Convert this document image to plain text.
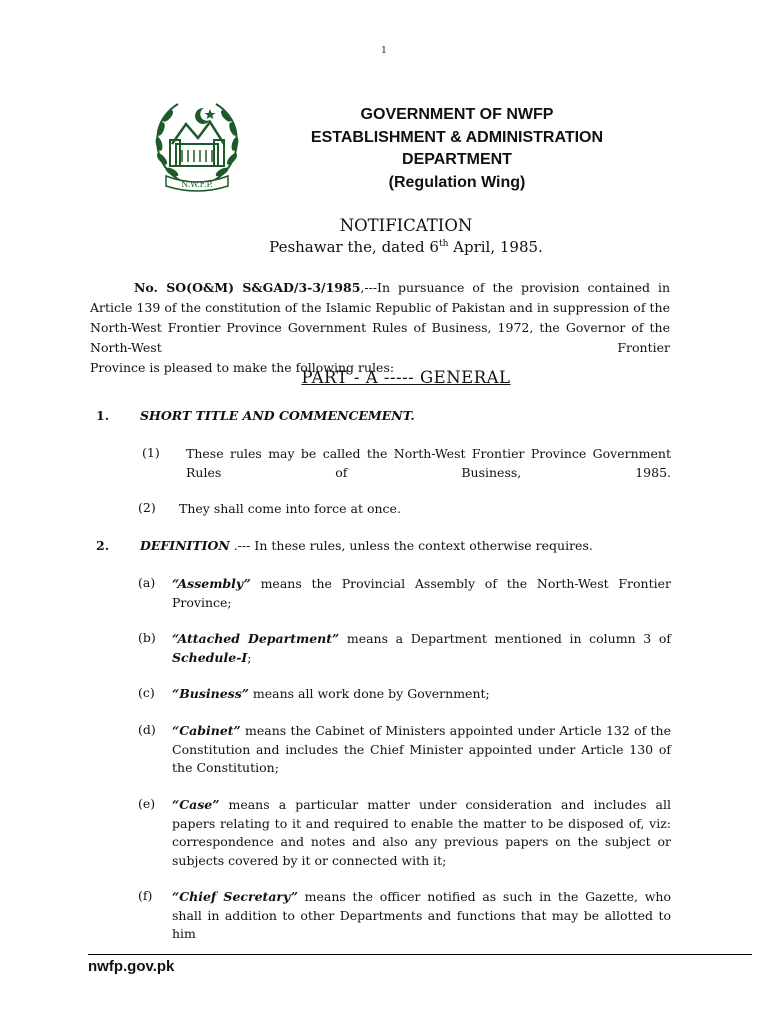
1
N.W.F.P.
GOVERNMENT OF NWFP
ESTABLISHMENT & ADMINISTRATION
DEPARTMENT
(Regulation Wing)
NOTIFICATION
Peshawar the, dated 6th April, 1985.
No. SO(O&M) S&GAD/3-3/1985,---In pursuance of the provision contained in Article 139 of the constitution of the Islamic Republic of Pakistan and in suppression of the North-West Frontier Province Government Rules of Business, 1972, the Governor of the North-West Frontier
Province is pleased to make the following rules:
PART - A ----- GENERAL
1. SHORT TITLE AND COMMENCEMENT.
(1) These rules may be called the North-West Frontier Province Government Rules of Business, 1985.
(2) They shall come into force at once.
2. DEFINITION .--- In these rules, unless the context otherwise requires.
(a) “Assembly” means the Provincial Assembly of the North-West Frontier Province;
(b) “Attached Department” means a Department mentioned in column 3 of Schedule-I;
(c) “Business” means all work done by Government;
(d) “Cabinet” means the Cabinet of Ministers appointed under Article 132 of the Constitution and includes the Chief Minister appointed under Article 130 of the Constitution;
(e) “Case” means a particular matter under consideration and includes all papers relating to it and required to enable the matter to be disposed of, viz: correspondence and notes and also any previous papers on the subject or subjects covered by it or connected with it;
(f) “Chief Secretary” means the officer notified as such in the Gazette, who shall in addition to other Departments and functions that may be allotted to him
nwfp.gov.pk
